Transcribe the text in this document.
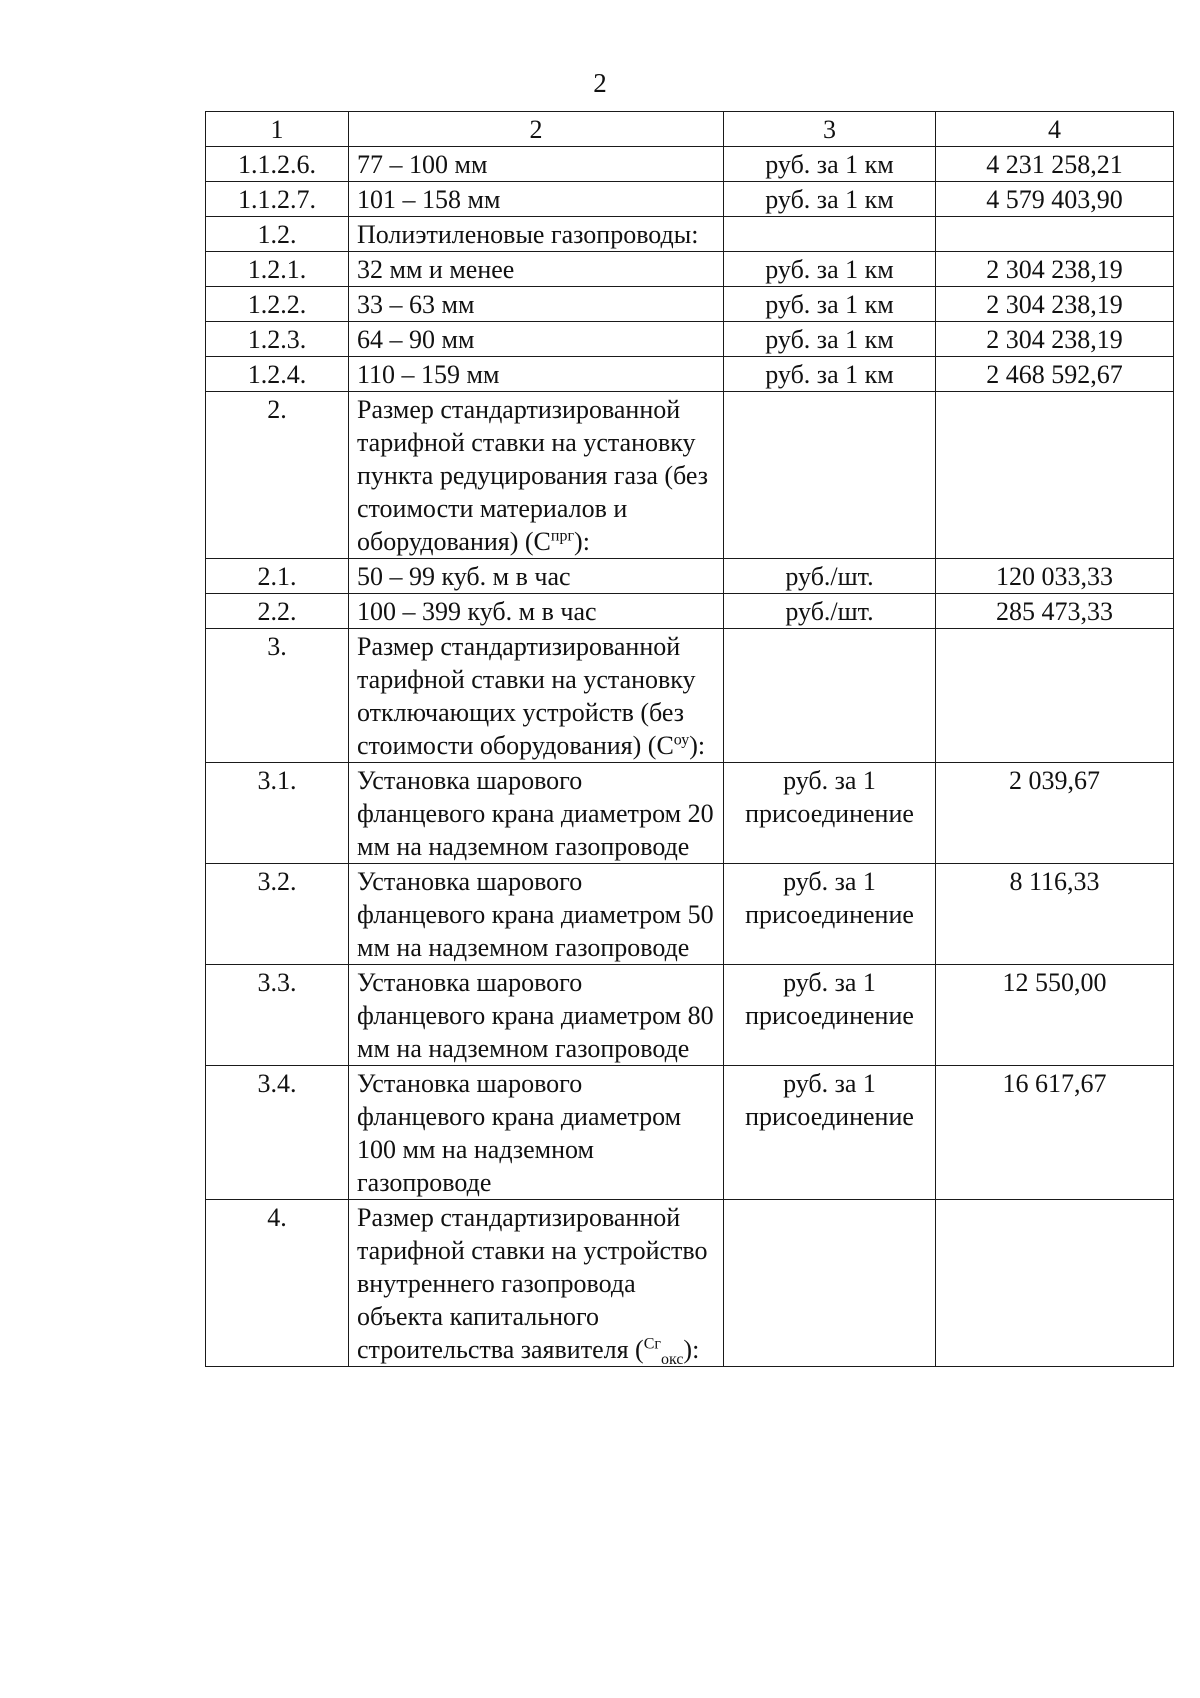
2
1	2	3	4
1.1.2.6.	77 – 100 мм	руб. за 1 км	4 231 258,21
1.1.2.7.	101 – 158 мм	руб. за 1 км	4 579 403,90
1.2.	Полиэтиленовые газопроводы:		
1.2.1.	32 мм и менее	руб. за 1 км	2 304 238,19
1.2.2.	33 – 63 мм	руб. за 1 км	2 304 238,19
1.2.3.	64 – 90 мм	руб. за 1 км	2 304 238,19
1.2.4.	110 – 159 мм	руб. за 1 км	2 468 592,67
2.	Размер стандартизированной тарифной ставки на установку пункта редуцирования газа (без стоимости материалов и оборудования) $(С^{прг})$:		
2.1.	50 – 99 куб. м в час	руб./шт.	120 033,33
2.2.	100 – 399 куб. м в час	руб./шт.	285 473,33
3.	Размер стандартизированной тарифной ставки на установку отключающих устройств (без стоимости оборудования) $(С^{оу})$:		
3.1.	Установка шарового фланцевого крана диаметром 20 мм на надземном газопроводе	руб. за 1 присоединение	2 039,67
3.2.	Установка шарового фланцевого крана диаметром 50 мм на надземном газопроводе	руб. за 1 присоединение	8 116,33
3.3.	Установка шарового фланцевого крана диаметром 80 мм на надземном газопроводе	руб. за 1 присоединение	12 550,00
3.4.	Установка шарового фланцевого крана диаметром 100 мм на надземном газопроводе	руб. за 1 присоединение	16 617,67
4.	Размер стандартизированной тарифной ставки на устройство внутреннего газопровода объекта капитального строительства заявителя ($^{Сг}_{окс}$):		
